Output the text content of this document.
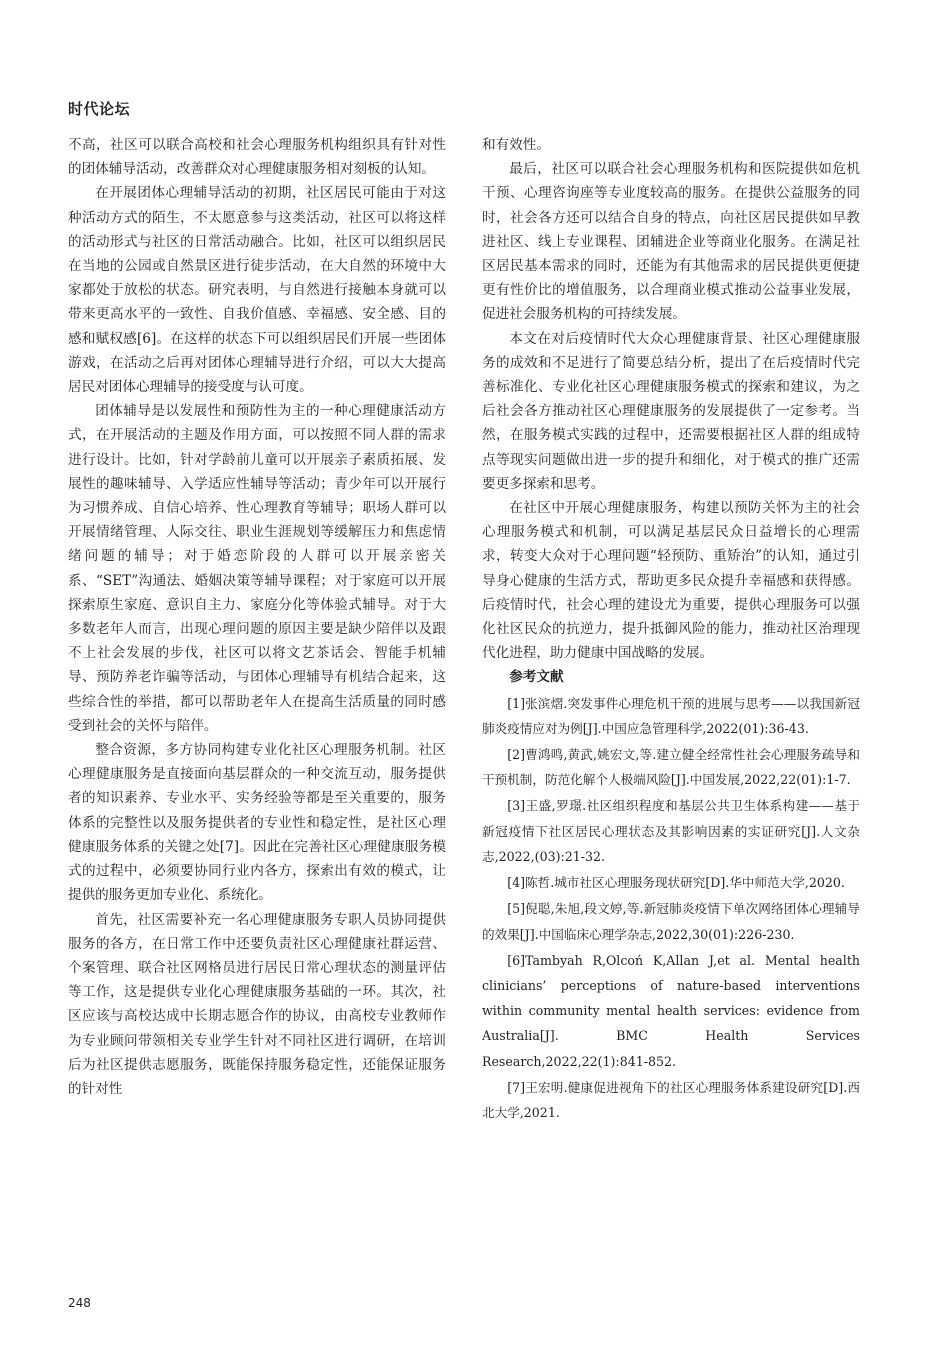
时代论坛

不高，社区可以联合高校和社会心理服务机构组织具有针对性的团体辅导活动，改善群众对心理健康服务相对刻板的认知。

在开展团体心理辅导活动的初期，社区居民可能由于对这种活动方式的陌生，不太愿意参与这类活动，社区可以将这样的活动形式与社区的日常活动融合。比如，社区可以组织居民在当地的公园或自然景区进行徒步活动，在大自然的环境中大家都处于放松的状态。研究表明，与自然进行接触本身就可以带来更高水平的一致性、自我价值感、幸福感、安全感、目的感和赋权感[6]。在这样的状态下可以组织居民们开展一些团体游戏，在活动之后再对团体心理辅导进行介绍，可以大大提高居民对团体心理辅导的接受度与认可度。

团体辅导是以发展性和预防性为主的一种心理健康活动方式，在开展活动的主题及作用方面，可以按照不同人群的需求进行设计。比如，针对学龄前儿童可以开展亲子素质拓展、发展性的趣味辅导、入学适应性辅导等活动；青少年可以开展行为习惯养成、自信心培养、性心理教育等辅导；职场人群可以开展情绪管理、人际交往、职业生涯规划等缓解压力和焦虑情绪问题的辅导；对于婚恋阶段的人群可以开展亲密关系、“SET”沟通法、婚姻决策等辅导课程；对于家庭可以开展探索原生家庭、意识自主力、家庭分化等体验式辅导。对于大多数老年人而言，出现心理问题的原因主要是缺少陪伴以及跟不上社会发展的步伐，社区可以将文艺茶话会、智能手机辅导、预防养老诈骗等活动，与团体心理辅导有机结合起来，这些综合性的举措，都可以帮助老年人在提高生活质量的同时感受到社会的关怀与陪伴。

整合资源，多方协同构建专业化社区心理服务机制。社区心理健康服务是直接面向基层群众的一种交流互动，服务提供者的知识素养、专业水平、实务经验等都是至关重要的，服务体系的完整性以及服务提供者的专业性和稳定性，是社区心理健康服务体系的关键之处[7]。因此在完善社区心理健康服务模式的过程中，必须要协同行业内各方，探索出有效的模式，让提供的服务更加专业化、系统化。

首先，社区需要补充一名心理健康服务专职人员协同提供服务的各方，在日常工作中还要负责社区心理健康社群运营、个案管理、联合社区网格员进行居民日常心理状态的测量评估等工作，这是提供专业化心理健康服务基础的一环。其次，社区应该与高校达成中长期志愿合作的协议，由高校专业教师作为专业顾问带领相关专业学生针对不同社区进行调研，在培训后为社区提供志愿服务，既能保持服务稳定性，还能保证服务的针对性

和有效性。

最后，社区可以联合社会心理服务机构和医院提供如危机干预、心理咨询座等专业度较高的服务。在提供公益服务的同时，社会各方还可以结合自身的特点，向社区居民提供如早教进社区、线上专业课程、团辅进企业等商业化服务。在满足社区居民基本需求的同时，还能为有其他需求的居民提供更便捷更有性价比的增值服务，以合理商业模式推动公益事业发展，促进社会服务机构的可持续发展。

本文在对后疫情时代大众心理健康背景、社区心理健康服务的成效和不足进行了简要总结分析，提出了在后疫情时代完善标准化、专业化社区心理健康服务模式的探索和建议，为之后社会各方推动社区心理健康服务的发展提供了一定参考。当然，在服务模式实践的过程中，还需要根据社区人群的组成特点等现实问题做出进一步的提升和细化，对于模式的推广还需要更多探索和思考。

在社区中开展心理健康服务，构建以预防关怀为主的社会心理服务模式和机制，可以满足基层民众日益增长的心理需求，转变大众对于心理问题“轻预防、重矫治”的认知，通过引导身心健康的生活方式，帮助更多民众提升幸福感和获得感。后疫情时代，社会心理的建设尤为重要，提供心理服务可以强化社区民众的抗逆力，提升抵御风险的能力，推动社区治理现代化进程，助力健康中国战略的发展。

参考文献

[1]张滨熠.突发事件心理危机干预的进展与思考——以我国新冠肺炎疫情应对为例[J].中国应急管理科学,2022(01):36-43.

[2]曹鸿鸣,黄武,姚宏文,等.建立健全经常性社会心理服务疏导和干预机制，防范化解个人极端风险[J].中国发展,2022,22(01):1-7.

[3]王盛,罗璟.社区组织程度和基层公共卫生体系构建——基于新冠疫情下社区居民心理状态及其影响因素的实证研究[J].人文杂志,2022,(03):21-32.

[4]陈哲.城市社区心理服务现状研究[D].华中师范大学,2020.

[5]倪聪,朱旭,段文婷,等.新冠肺炎疫情下单次网络团体心理辅导的效果[J].中国临床心理学杂志,2022,30(01):226-230.

[6]Tambyah R,Olcoń K,Allan J,et al. Mental health clinicians’ perceptions of nature-based interventions within community mental health services: evidence from Australia[J]. BMC Health Services Research,2022,22(1):841-852.

[7]王宏明.健康促进视角下的社区心理服务体系建设研究[D].西北大学,2021.

248
